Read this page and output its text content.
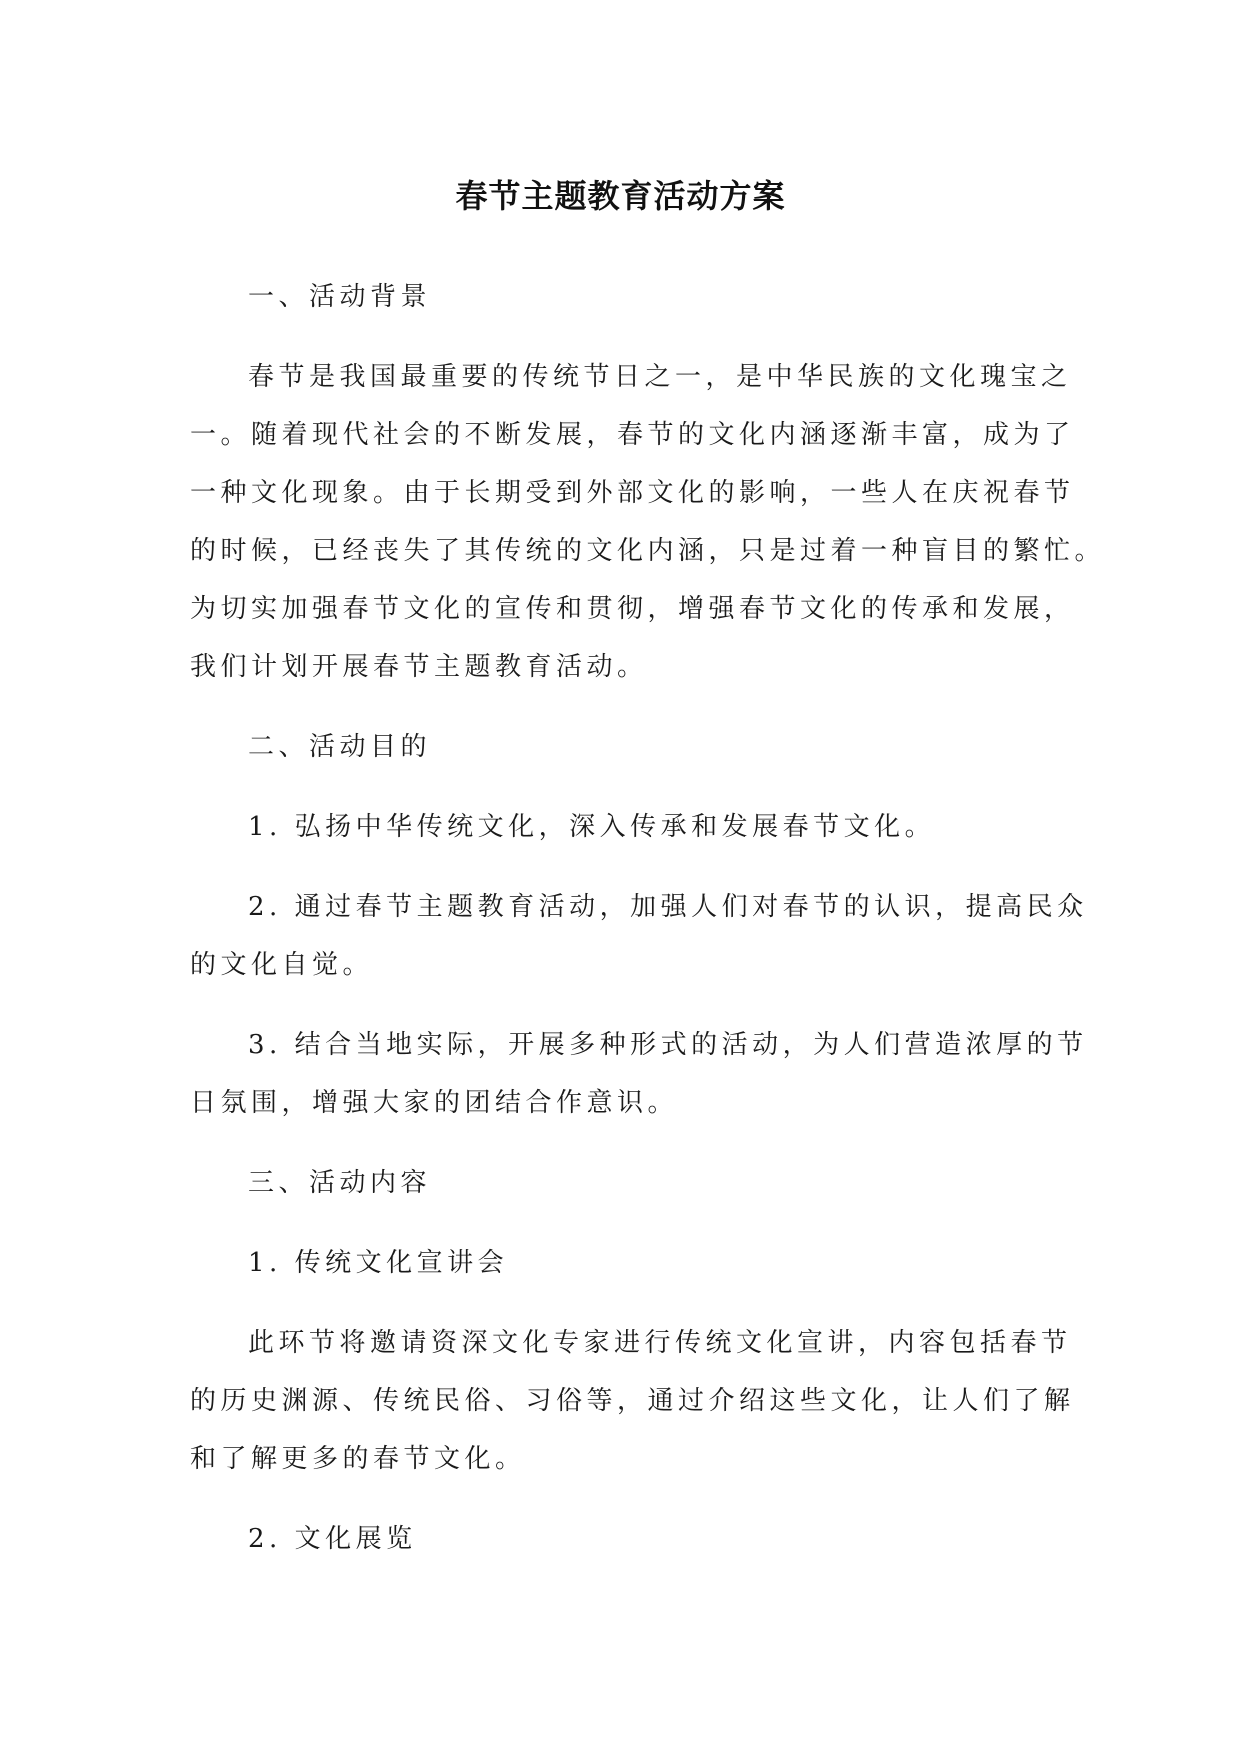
春节主题教育活动方案

一、活动背景

春节是我国最重要的传统节日之一，是中华民族的文化瑰宝之
一。随着现代社会的不断发展，春节的文化内涵逐渐丰富，成为了
一种文化现象。由于长期受到外部文化的影响，一些人在庆祝春节
的时候，已经丧失了其传统的文化内涵，只是过着一种盲目的繁忙。
为切实加强春节文化的宣传和贯彻，增强春节文化的传承和发展，
我们计划开展春节主题教育活动。

二、活动目的

1. 弘扬中华传统文化，深入传承和发展春节文化。

2. 通过春节主题教育活动，加强人们对春节的认识，提高民众
的文化自觉。

3. 结合当地实际，开展多种形式的活动，为人们营造浓厚的节
日氛围，增强大家的团结合作意识。

三、活动内容

1. 传统文化宣讲会

此环节将邀请资深文化专家进行传统文化宣讲，内容包括春节
的历史渊源、传统民俗、习俗等，通过介绍这些文化，让人们了解
和了解更多的春节文化。

2. 文化展览
